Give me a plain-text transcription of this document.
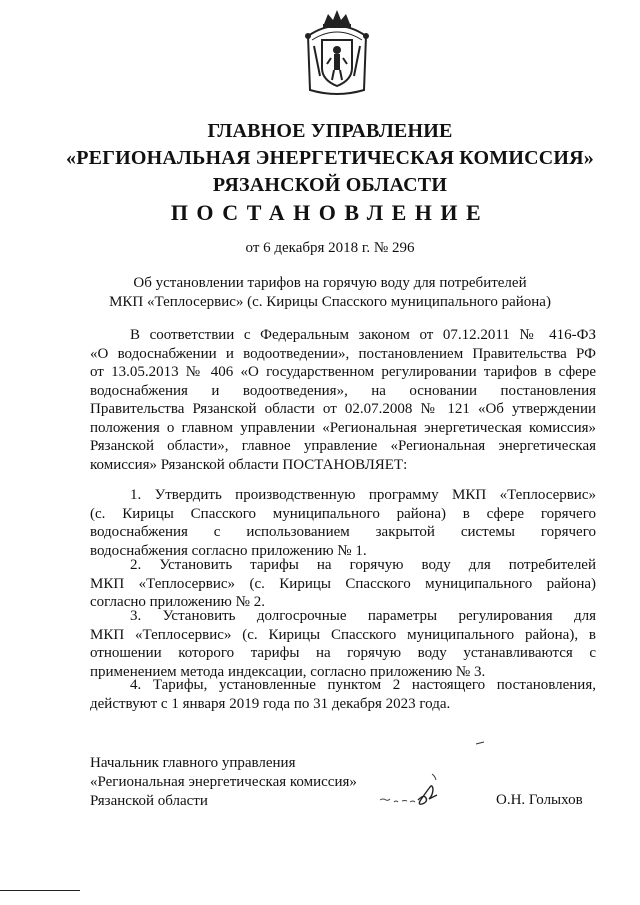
ГЛАВНОЕ УПРАВЛЕНИЕ
«РЕГИОНАЛЬНАЯ ЭНЕРГЕТИЧЕСКАЯ КОМИССИЯ»
РЯЗАНСКОЙ ОБЛАСТИ
ПОСТАНОВЛЕНИЕ
от 6 декабря 2018 г. № 296
Об установлении тарифов на горячую воду для потребителей
МКП «Теплосервис» (с. Кирицы Спасского муниципального района)
В соответствии с Федеральным законом от 07.12.2011 № 416-ФЗ
«О водоснабжении и водоотведении», постановлением Правительства РФ
от 13.05.2013 № 406 «О государственном регулировании тарифов в сфере
водоснабжения и водоотведения», на основании постановления
Правительства Рязанской области от 02.07.2008 № 121 «Об утверждении
положения о главном управлении «Региональная энергетическая комиссия»
Рязанской области», главное управление «Региональная энергетическая
комиссия» Рязанской области ПОСТАНОВЛЯЕТ:
1. Утвердить производственную программу МКП «Теплосервис»
(с. Кирицы Спасского муниципального района) в сфере горячего
водоснабжения с использованием закрытой системы горячего
водоснабжения согласно приложению № 1.
2. Установить тарифы на горячую воду для потребителей
МКП «Теплосервис» (с. Кирицы Спасского муниципального района)
согласно приложению № 2.
3. Установить долгосрочные параметры регулирования для
МКП «Теплосервис» (с. Кирицы Спасского муниципального района), в
отношении которого тарифы на горячую воду устанавливаются с
применением метода индексации, согласно приложению № 3.
4. Тарифы, установленные пунктом 2 настоящего постановления,
действуют с 1 января 2019 года по 31 декабря 2023 года.
Начальник главного управления
«Региональная энергетическая комиссия»
Рязанской области	О.Н. Голыхов
